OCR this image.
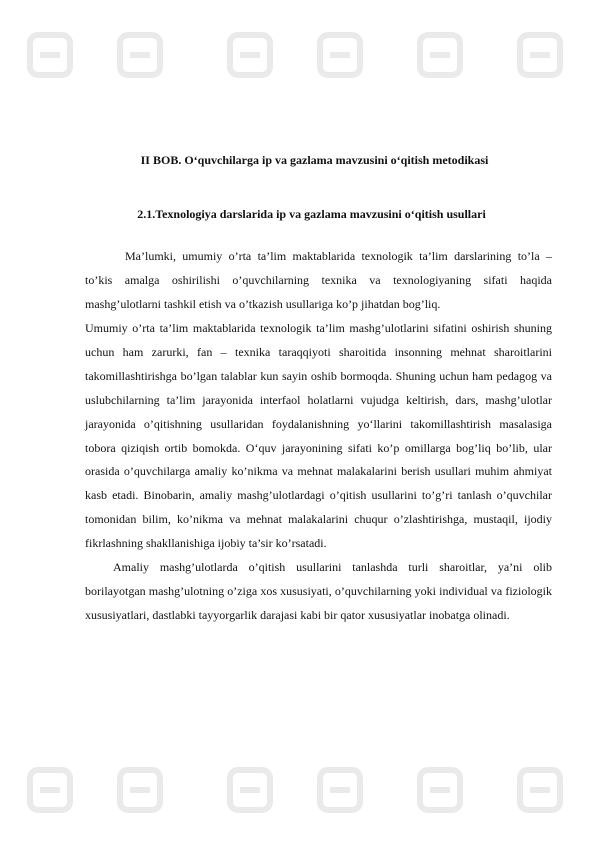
II BOB. O‘quvchilarga ip va gazlama mavzusini o‘qitish metodikasi
2.1.Texnologiya darslarida ip va gazlama mavzusini o‘qitish usullari

Ma’lumki, umumiy o’rta ta’lim maktablarida texnologik ta’lim darslarining to’la – to’kis amalga oshirilishi o’quvchilarning texnika va texnologiyaning sifati haqida mashg’ulotlarni tashkil etish va o’tkazish usullariga ko’p jihatdan bog’liq.

Umumiy o’rta ta’lim maktablarida texnologik ta’lim mashg’ulotlarini sifatini oshirish shuning uchun ham zarurki, fan – texnika taraqqiyoti sharoitida insonning mehnat sharoitlarini takomillashtirishga bo’lgan talablar kun sayin oshib bormoqda. Shuning uchun ham pedagog va uslubchilarning ta’lim jarayonida interfaol holatlarni vujudga keltirish, dars, mashg’ulotlar jarayonida o’qitishning usullaridan foydalanishning yo‘llarini takomillashtirish masalasiga tobora qiziqish ortib bomokda. O‘quv jarayonining sifati ko’p omillarga bog’liq bo’lib, ular orasida o’quvchilarga amaliy ko’nikma va mehnat malakalarini berish usullari muhim ahmiyat kasb etadi. Binobarin, amaliy mashg’ulotlardagi o’qitish usullarini to’g’ri tanlash o’quvchilar tomonidan bilim, ko’nikma va mehnat malakalarini chuqur o’zlashtirishga, mustaqil, ijodiy fikrlashning shakllanishiga ijobiy ta’sir ko’rsatadi.

Amaliy mashg’ulotlarda o’qitish usullarini tanlashda turli sharoitlar, ya’ni olib borilayotgan mashg’ulotning o’ziga xos xususiyati, o’quvchilarning yoki individual va fiziologik xususiyatlari, dastlabki tayyorgarlik darajasi kabi bir qator xususiyatlar inobatga olinadi.
